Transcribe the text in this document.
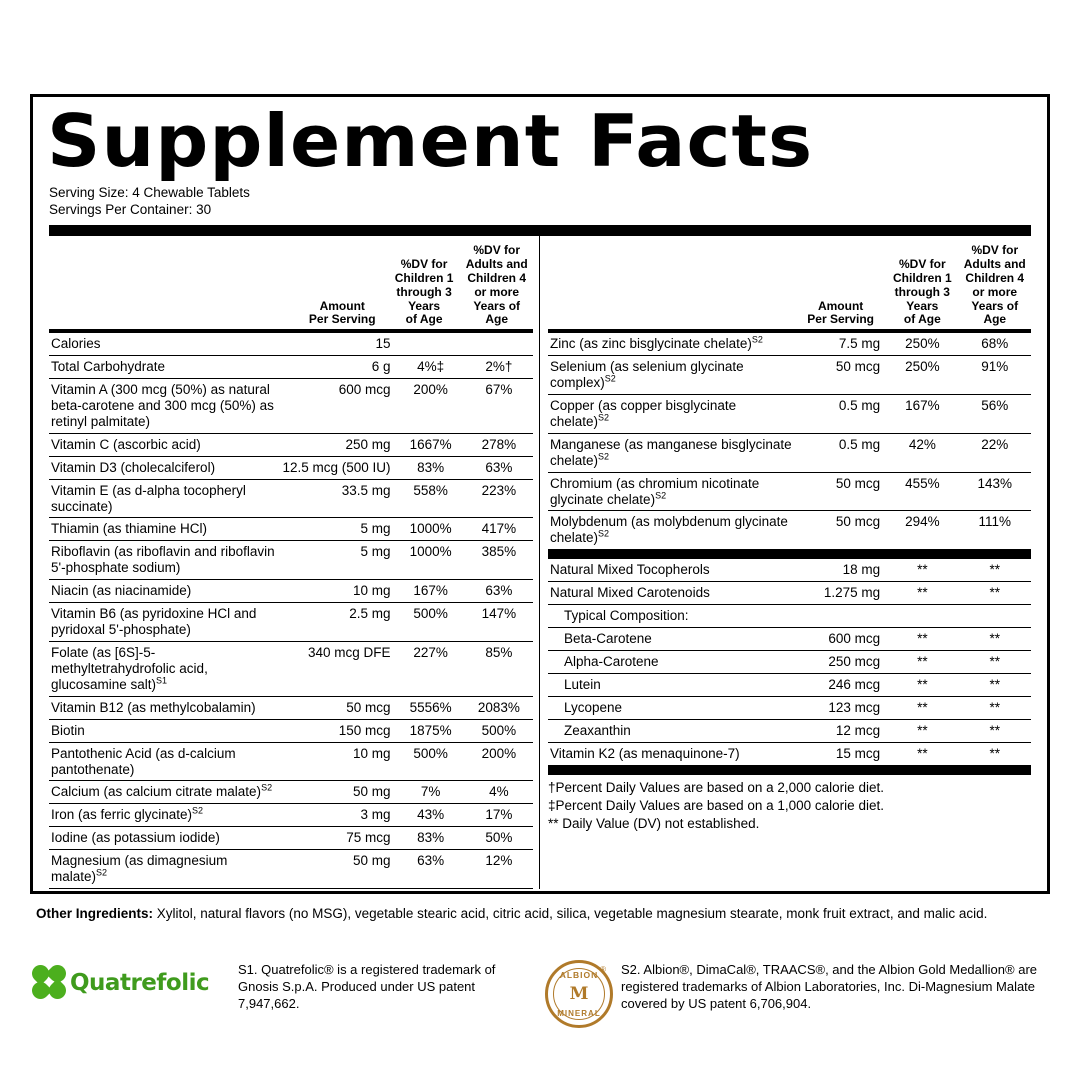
Supplement Facts
Serving Size: 4 Chewable Tablets
Servings Per Container: 30
	Amount
Per Serving	%DV for
Children 1
through 3
Years
of Age	%DV for
Adults and
Children 4
or more
Years of Age
Calories	15		
Total Carbohydrate	6 g	4%‡	2%†
Vitamin A (300 mcg (50%) as natural beta-carotene and 300 mcg (50%) as retinyl palmitate)	600 mcg	200%	67%
Vitamin C (ascorbic acid)	250 mg	1667%	278%
Vitamin D3 (cholecalciferol)	12.5 mcg (500 IU)	83%	63%
Vitamin E (as d-alpha tocopheryl succinate)	33.5 mg	558%	223%
Thiamin (as thiamine HCl)	5 mg	1000%	417%
Riboflavin (as riboflavin and riboflavin 5'-phosphate sodium)	5 mg	1000%	385%
Niacin (as niacinamide)	10 mg	167%	63%
Vitamin B6 (as pyridoxine HCl and pyridoxal 5'-phosphate)	2.5 mg	500%	147%
Folate (as [6S]-5-methyltetrahydrofolic acid, glucosamine salt)$^{S1}$	340 mcg DFE	227%	85%
Vitamin B12 (as methylcobalamin)	50 mcg	5556%	2083%
Biotin	150 mcg	1875%	500%
Pantothenic Acid (as d-calcium pantothenate)	10 mg	500%	200%
Calcium (as calcium citrate malate)$^{S2}$	50 mg	7%	4%
Iron (as ferric glycinate)$^{S2}$	3 mg	43%	17%
Iodine (as potassium iodide)	75 mcg	83%	50%
Magnesium (as dimagnesium malate)$^{S2}$	50 mg	63%	12%
	Amount
Per Serving	%DV for
Children 1
through 3
Years
of Age	%DV for
Adults and
Children 4
or more
Years of Age
Zinc (as zinc bisglycinate chelate)$^{S2}$	7.5 mg	250%	68%
Selenium (as selenium glycinate complex)$^{S2}$	50 mcg	250%	91%
Copper (as copper bisglycinate chelate)$^{S2}$	0.5 mg	167%	56%
Manganese (as manganese bisglycinate chelate)$^{S2}$	0.5 mg	42%	22%
Chromium (as chromium nicotinate glycinate chelate)$^{S2}$	50 mcg	455%	143%
Molybdenum (as molybdenum glycinate chelate)$^{S2}$	50 mcg	294%	111%
Natural Mixed Tocopherols	18 mg	**	**
Natural Mixed Carotenoids	1.275 mg	**	**
Typical Composition:			
Beta-Carotene	600 mcg	**	**
Alpha-Carotene	250 mcg	**	**
Lutein	246 mcg	**	**
Lycopene	123 mcg	**	**
Zeaxanthin	12 mcg	**	**
Vitamin K2 (as menaquinone-7)	15 mcg	**	**
†Percent Daily Values are based on a 2,000 calorie diet.
‡Percent Daily Values are based on a 1,000 calorie diet.
** Daily Value (DV) not established.
Other Ingredients: Xylitol, natural flavors (no MSG), vegetable stearic acid, citric acid, silica, vegetable magnesium stearate, monk fruit extract, and malic acid.
Quatrefolic
S1. Quatrefolic® is a registered trademark of Gnosis S.p.A. Produced under US patent 7,947,662.
ALBION
M
MINERAL
® S2. Albion®, DimaCal®, TRAACS®, and the Albion Gold Medallion® are registered trademarks of Albion Laboratories, Inc. Di-Magnesium Malate covered by US patent 6,706,904.
